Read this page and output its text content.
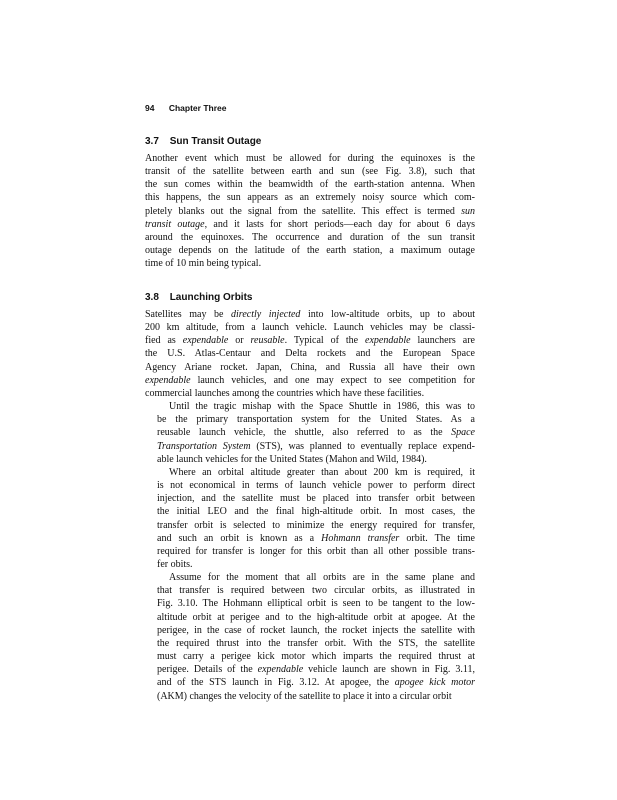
94 Chapter Three
3.7 Sun Transit Outage

Another event which must be allowed for during the equinoxes is the
transit of the satellite between earth and sun (see Fig. 3.8), such that
the sun comes within the beamwidth of the earth-station antenna. When
this happens, the sun appears as an extremely noisy source which com-
pletely blanks out the signal from the satellite. This effect is termed sun
transit outage, and it lasts for short periods—each day for about 6 days
around the equinoxes. The occurrence and duration of the sun transit
outage depends on the latitude of the earth station, a maximum outage
time of 10 min being typical.

3.8 Launching Orbits

Satellites may be directly injected into low-altitude orbits, up to about
200 km altitude, from a launch vehicle. Launch vehicles may be classi-
fied as expendable or reusable. Typical of the expendable launchers are
the U.S. Atlas-Centaur and Delta rockets and the European Space
Agency Ariane rocket. Japan, China, and Russia all have their own
expendable launch vehicles, and one may expect to see competition for
commercial launches among the countries which have these facilities.

Until the tragic mishap with the Space Shuttle in 1986, this was to
be the primary transportation system for the United States. As a
reusable launch vehicle, the shuttle, also referred to as the Space
Transportation System (STS), was planned to eventually replace expend-
able launch vehicles for the United States (Mahon and Wild, 1984).

Where an orbital altitude greater than about 200 km is required, it
is not economical in terms of launch vehicle power to perform direct
injection, and the satellite must be placed into transfer orbit between
the initial LEO and the final high-altitude orbit. In most cases, the
transfer orbit is selected to minimize the energy required for transfer,
and such an orbit is known as a Hohmann transfer orbit. The time
required for transfer is longer for this orbit than all other possible trans-
fer obits.

Assume for the moment that all orbits are in the same plane and
that transfer is required between two circular orbits, as illustrated in
Fig. 3.10. The Hohmann elliptical orbit is seen to be tangent to the low-
altitude orbit at perigee and to the high-altitude orbit at apogee. At the
perigee, in the case of rocket launch, the rocket injects the satellite with
the required thrust into the transfer orbit. With the STS, the satellite
must carry a perigee kick motor which imparts the required thrust at
perigee. Details of the expendable vehicle launch are shown in Fig. 3.11,
and of the STS launch in Fig. 3.12. At apogee, the apogee kick motor
(AKM) changes the velocity of the satellite to place it into a circular orbit
